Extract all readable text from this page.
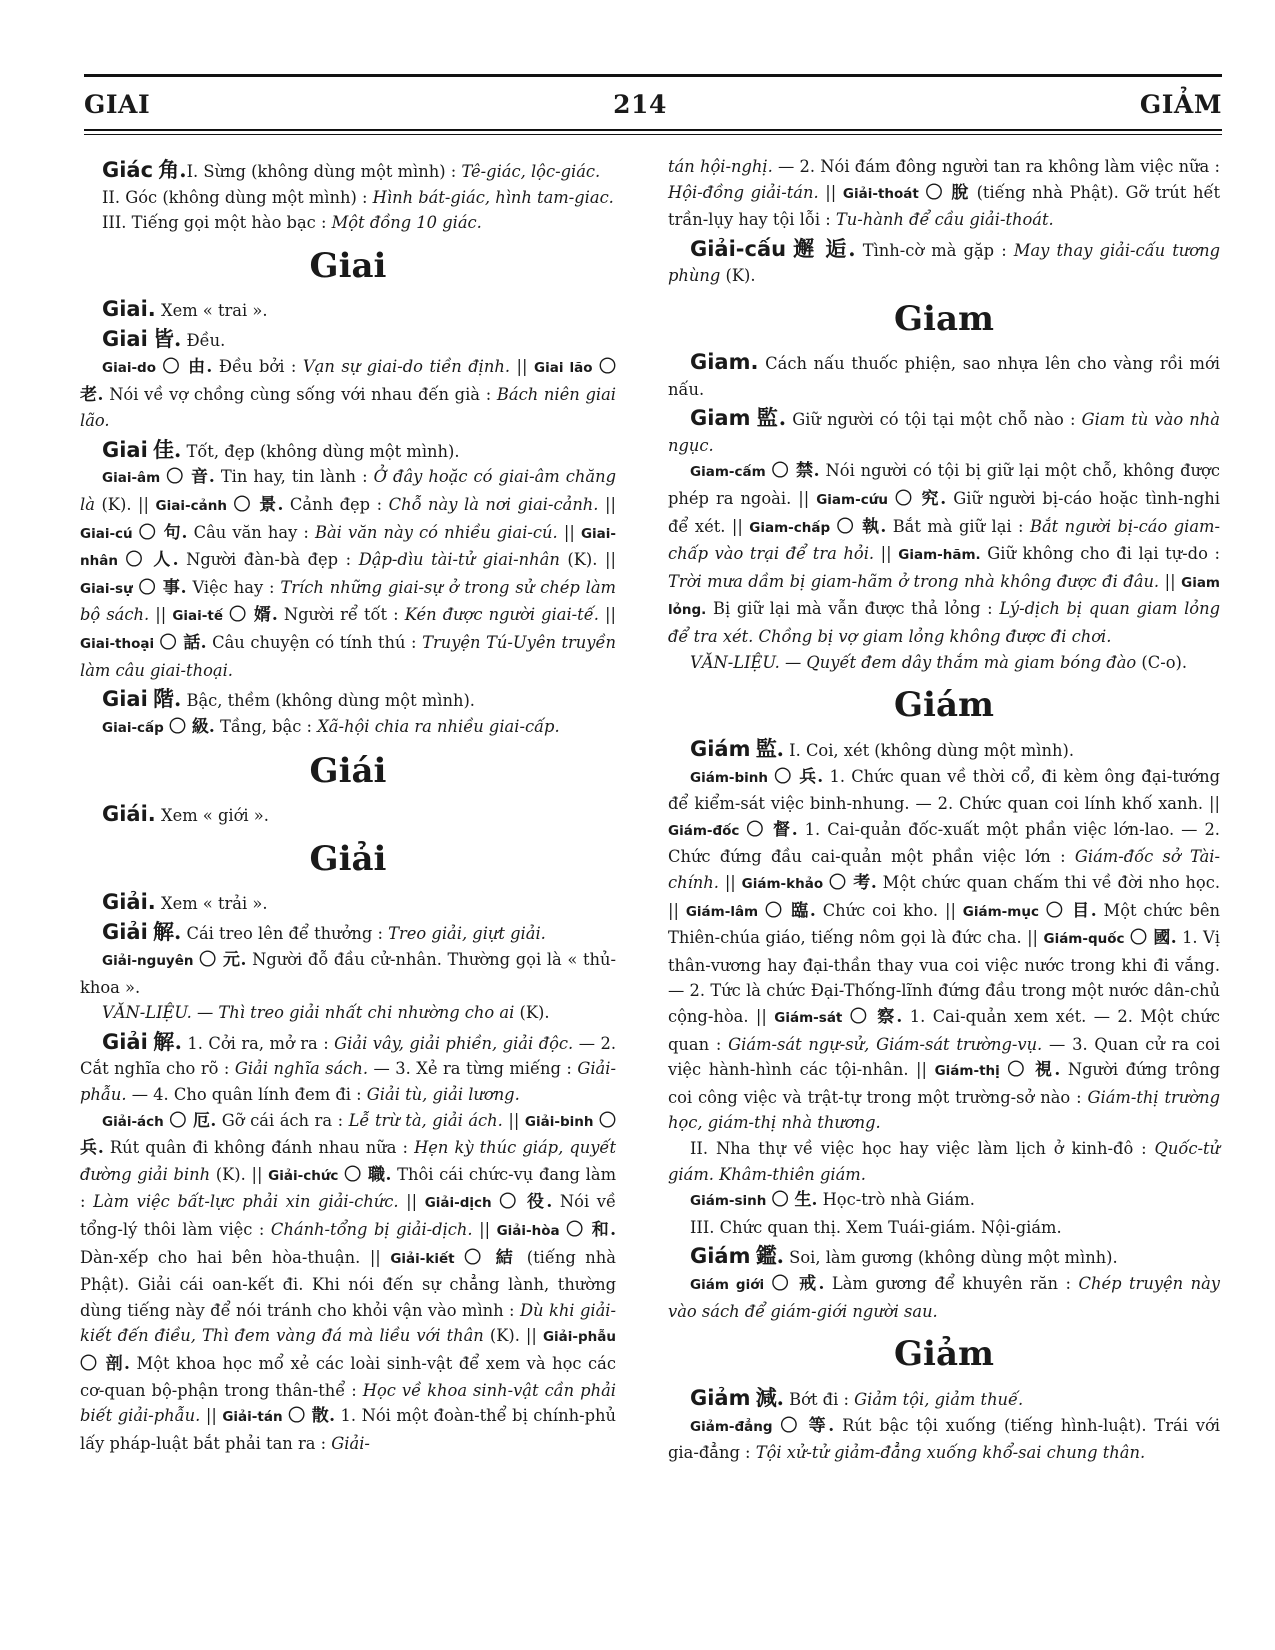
GIAI	214	GIẢM

Giác 角.I. Sừng (không dùng một mình) : Tê-giác, lộc-giác.

II. Góc (không dùng một mình) : Hình bát-giác, hình tam-giac.

III. Tiếng gọi một hào bạc : Một đồng 10 giác.

Giai

Giai. Xem « trai ».

Giai 皆. Đều.

Giai-do 〇 由. Đều bởi : Vạn sự giai-do tiền định. || Giai lão 〇 老. Nói về vợ chồng cùng sống với nhau đến già : Bách niên giai lão.

Giai 佳. Tốt, đẹp (không dùng một mình).

Giai-âm 〇 音. Tin hay, tin lành : Ở đây hoặc có giai-âm chăng là (K). || Giai-cảnh 〇 景. Cảnh đẹp : Chỗ này là nơi giai-cảnh. || Giai-cú 〇 句. Câu văn hay : Bài văn này có nhiều giai-cú. || Giai-nhân 〇 人. Người đàn-bà đẹp : Dập-dìu tài-tử giai-nhân (K). || Giai-sự 〇 事. Việc hay : Trích những giai-sự ở trong sử chép làm bộ sách. || Giai-tế 〇 婿. Người rể tốt : Kén được người giai-tế. || Giai-thoại 〇 話. Câu chuyện có tính thú : Truyện Tú-Uyên truyền làm câu giai-thoại.

Giai 階. Bậc, thềm (không dùng một mình).

Giai-cấp 〇 級. Tầng, bậc : Xã-hội chia ra nhiều giai-cấp.

Giái

Giái. Xem « giới ».

Giải

Giải. Xem « trải ».

Giải 解. Cái treo lên để thưởng : Treo giải, giựt giải.

Giải-nguyên 〇 元. Người đỗ đầu cử-nhân. Thường gọi là « thủ-khoa ».

VĂN-LIỆU. — Thì treo giải nhất chi nhường cho ai (K).

Giải 解. 1. Cởi ra, mở ra : Giải vây, giải phiền, giải độc. — 2. Cắt nghĩa cho rõ : Giải nghĩa sách. — 3. Xẻ ra từng miếng : Giải-phẫu. — 4. Cho quân lính đem đi : Giải tù, giải lương.

Giải-ách 〇 厄. Gỡ cái ách ra : Lễ trừ tà, giải ách. || Giải-binh 〇 兵. Rút quân đi không đánh nhau nữa : Hẹn kỳ thúc giáp, quyết đường giải binh (K). || Giải-chức 〇 職. Thôi cái chức-vụ đang làm : Làm việc bất-lực phải xin giải-chức. || Giải-dịch 〇 役. Nói về tổng-lý thôi làm việc : Chánh-tổng bị giải-dịch. || Giải-hòa 〇 和. Dàn-xếp cho hai bên hòa-thuận. || Giải-kiết 〇 結 (tiếng nhà Phật). Giải cái oan-kết đi. Khi nói đến sự chẳng lành, thường dùng tiếng này để nói tránh cho khỏi vận vào mình : Dù khi giải-kiết đến điều, Thì đem vàng đá mà liều với thân (K). || Giải-phẫu 〇 剖. Một khoa học mổ xẻ các loài sinh-vật để xem và học các cơ-quan bộ-phận trong thân-thể : Học về khoa sinh-vật cần phải biết giải-phẫu. || Giải-tán 〇 散. 1. Nói một đoàn-thể bị chính-phủ lấy pháp-luật bắt phải tan ra : Giải-

tán hội-nghị. — 2. Nói đám đông người tan ra không làm việc nữa : Hội-đồng giải-tán. || Giải-thoát 〇 脫 (tiếng nhà Phật). Gỡ trút hết trần-lụy hay tội lỗi : Tu-hành để cầu giải-thoát.

Giải-cấu 邂 逅. Tình-cờ mà gặp : May thay giải-cấu tương phùng (K).

Giam

Giam. Cách nấu thuốc phiện, sao nhựa lên cho vàng rồi mới nấu.

Giam 監. Giữ người có tội tại một chỗ nào : Giam tù vào nhà ngục.

Giam-cấm 〇 禁. Nói người có tội bị giữ lại một chỗ, không được phép ra ngoài. || Giam-cứu 〇 究. Giữ người bị-cáo hoặc tình-nghi để xét. || Giam-chấp 〇 執. Bắt mà giữ lại : Bắt người bị-cáo giam-chấp vào trại để tra hỏi. || Giam-hãm. Giữ không cho đi lại tự-do : Trời mưa dầm bị giam-hãm ở trong nhà không được đi đâu. || Giam lỏng. Bị giữ lại mà vẫn được thả lỏng : Lý-dịch bị quan giam lỏng để tra xét. Chồng bị vợ giam lỏng không được đi chơi.

VĂN-LIỆU. — Quyết đem dây thắm mà giam bóng đào (C-o).

Giám

Giám 監. I. Coi, xét (không dùng một mình).

Giám-binh 〇 兵. 1. Chức quan về thời cổ, đi kèm ông đại-tướng để kiểm-sát việc binh-nhung. — 2. Chức quan coi lính khố xanh. || Giám-đốc 〇 督. 1. Cai-quản đốc-xuất một phần việc lớn-lao. — 2. Chức đứng đầu cai-quản một phần việc lớn : Giám-đốc sở Tài-chính. || Giám-khảo 〇 考. Một chức quan chấm thi về đời nho học. || Giám-lâm 〇 臨. Chức coi kho. || Giám-mục 〇 目. Một chức bên Thiên-chúa giáo, tiếng nôm gọi là đức cha. || Giám-quốc 〇 國. 1. Vị thân-vương hay đại-thần thay vua coi việc nước trong khi đi vắng. — 2. Tức là chức Đại-Thống-lĩnh đứng đầu trong một nước dân-chủ cộng-hòa. || Giám-sát 〇 察. 1. Cai-quản xem xét. — 2. Một chức quan : Giám-sát ngự-sử, Giám-sát trường-vụ. — 3. Quan cử ra coi việc hành-hình các tội-nhân. || Giám-thị 〇 視. Người đứng trông coi công việc và trật-tự trong một trường-sở nào : Giám-thị trường học, giám-thị nhà thương.

II. Nha thự về việc học hay việc làm lịch ở kinh-đô : Quốc-tử giám. Khâm-thiên giám.

Giám-sinh 〇 生. Học-trò nhà Giám.

III. Chức quan thị. Xem Tuái-giám. Nội-giám.

Giám 鑑. Soi, làm gương (không dùng một mình).

Giám giới 〇 戒. Làm gương để khuyên răn : Chép truyện này vào sách để giám-giới người sau.

Giảm

Giảm 減. Bớt đi : Giảm tội, giảm thuế.

Giảm-đẳng 〇 等. Rút bậc tội xuống (tiếng hình-luật). Trái với gia-đẳng : Tội xử-tử giảm-đẳng xuống khổ-sai chung thân.
